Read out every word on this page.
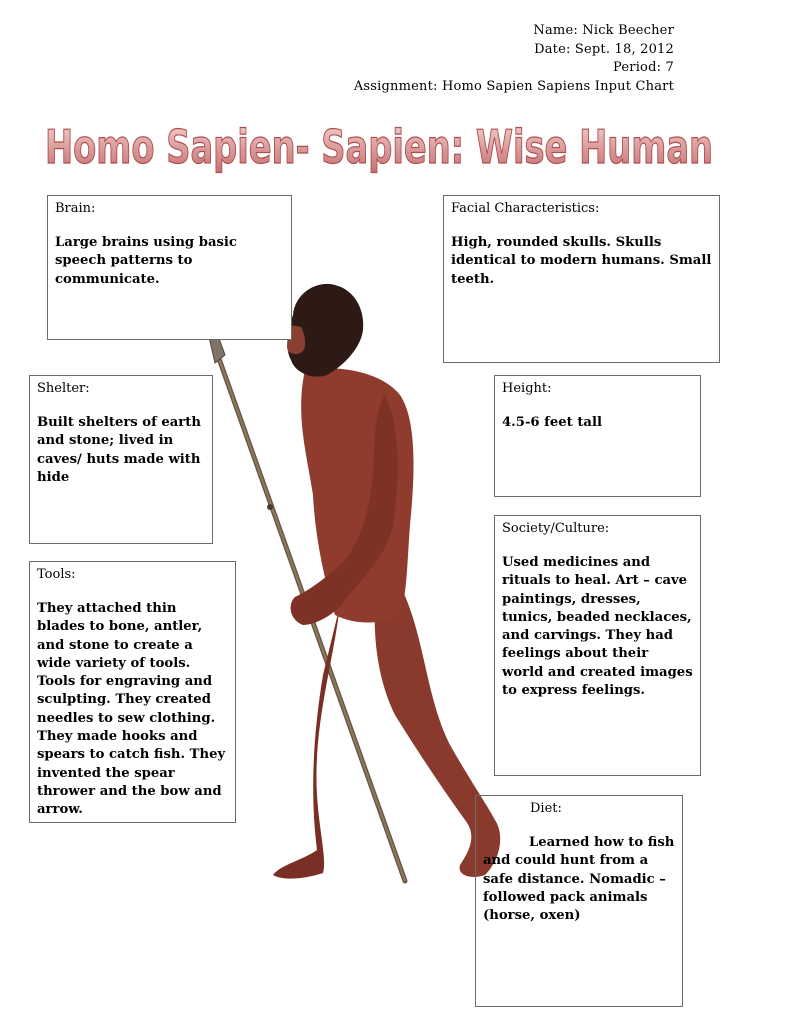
Name: Nick Beecher
Date: Sept. 18, 2012
Period: 7
Assignment: Homo Sapien Sapiens Input Chart
Homo Sapien- Sapien: Wise Human
Brain:
Large brains using basic speech patterns to communicate.
Facial Characteristics:
High, rounded skulls. Skulls identical to modern humans. Small teeth.
Shelter:
Built shelters of earth and stone; lived in caves/ huts made with hide
Height:
4.5-6 feet tall
Society/Culture:
Used medicines and rituals to heal. Art – cave paintings, dresses, tunics, beaded necklaces, and carvings. They had feelings about their world and created images to express feelings.
Tools:
They attached thin blades to bone, antler, and stone to create a wide variety of tools. Tools for engraving and sculpting. They created needles to sew clothing. They made hooks and spears to catch fish. They invented the spear thrower and the bow and arrow.	Diet:
Learned how to fish and could hunt from a safe distance. Nomadic – followed pack animals (horse, oxen)
